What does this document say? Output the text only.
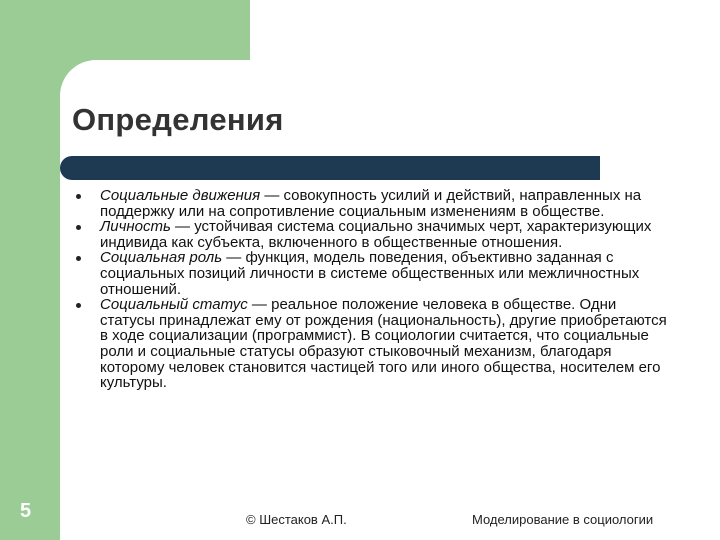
Определения
Социальные движения — совокупность усилий и действий, направленных на поддержку или на сопротивление социальным изменениям в обществе.
Личность — устойчивая система социально значимых черт, характеризующих индивида как субъекта, включенного в общественные отношения.
Социальная роль — функция, модель поведения, объективно заданная с социальных позиций личности в системе общественных или межличностных отношений.
Социальный статус — реальное положение человека в обществе. Одни статусы принадлежат ему от рождения (национальность), другие приобретаются в ходе социализации (программист). В социологии считается, что социальные роли и социальные статусы образуют стыковочный механизм, благодаря которому человек становится частицей того или иного общества, носителем его культуры.
5	© Шестаков А.П.	Моделирование в социологии
